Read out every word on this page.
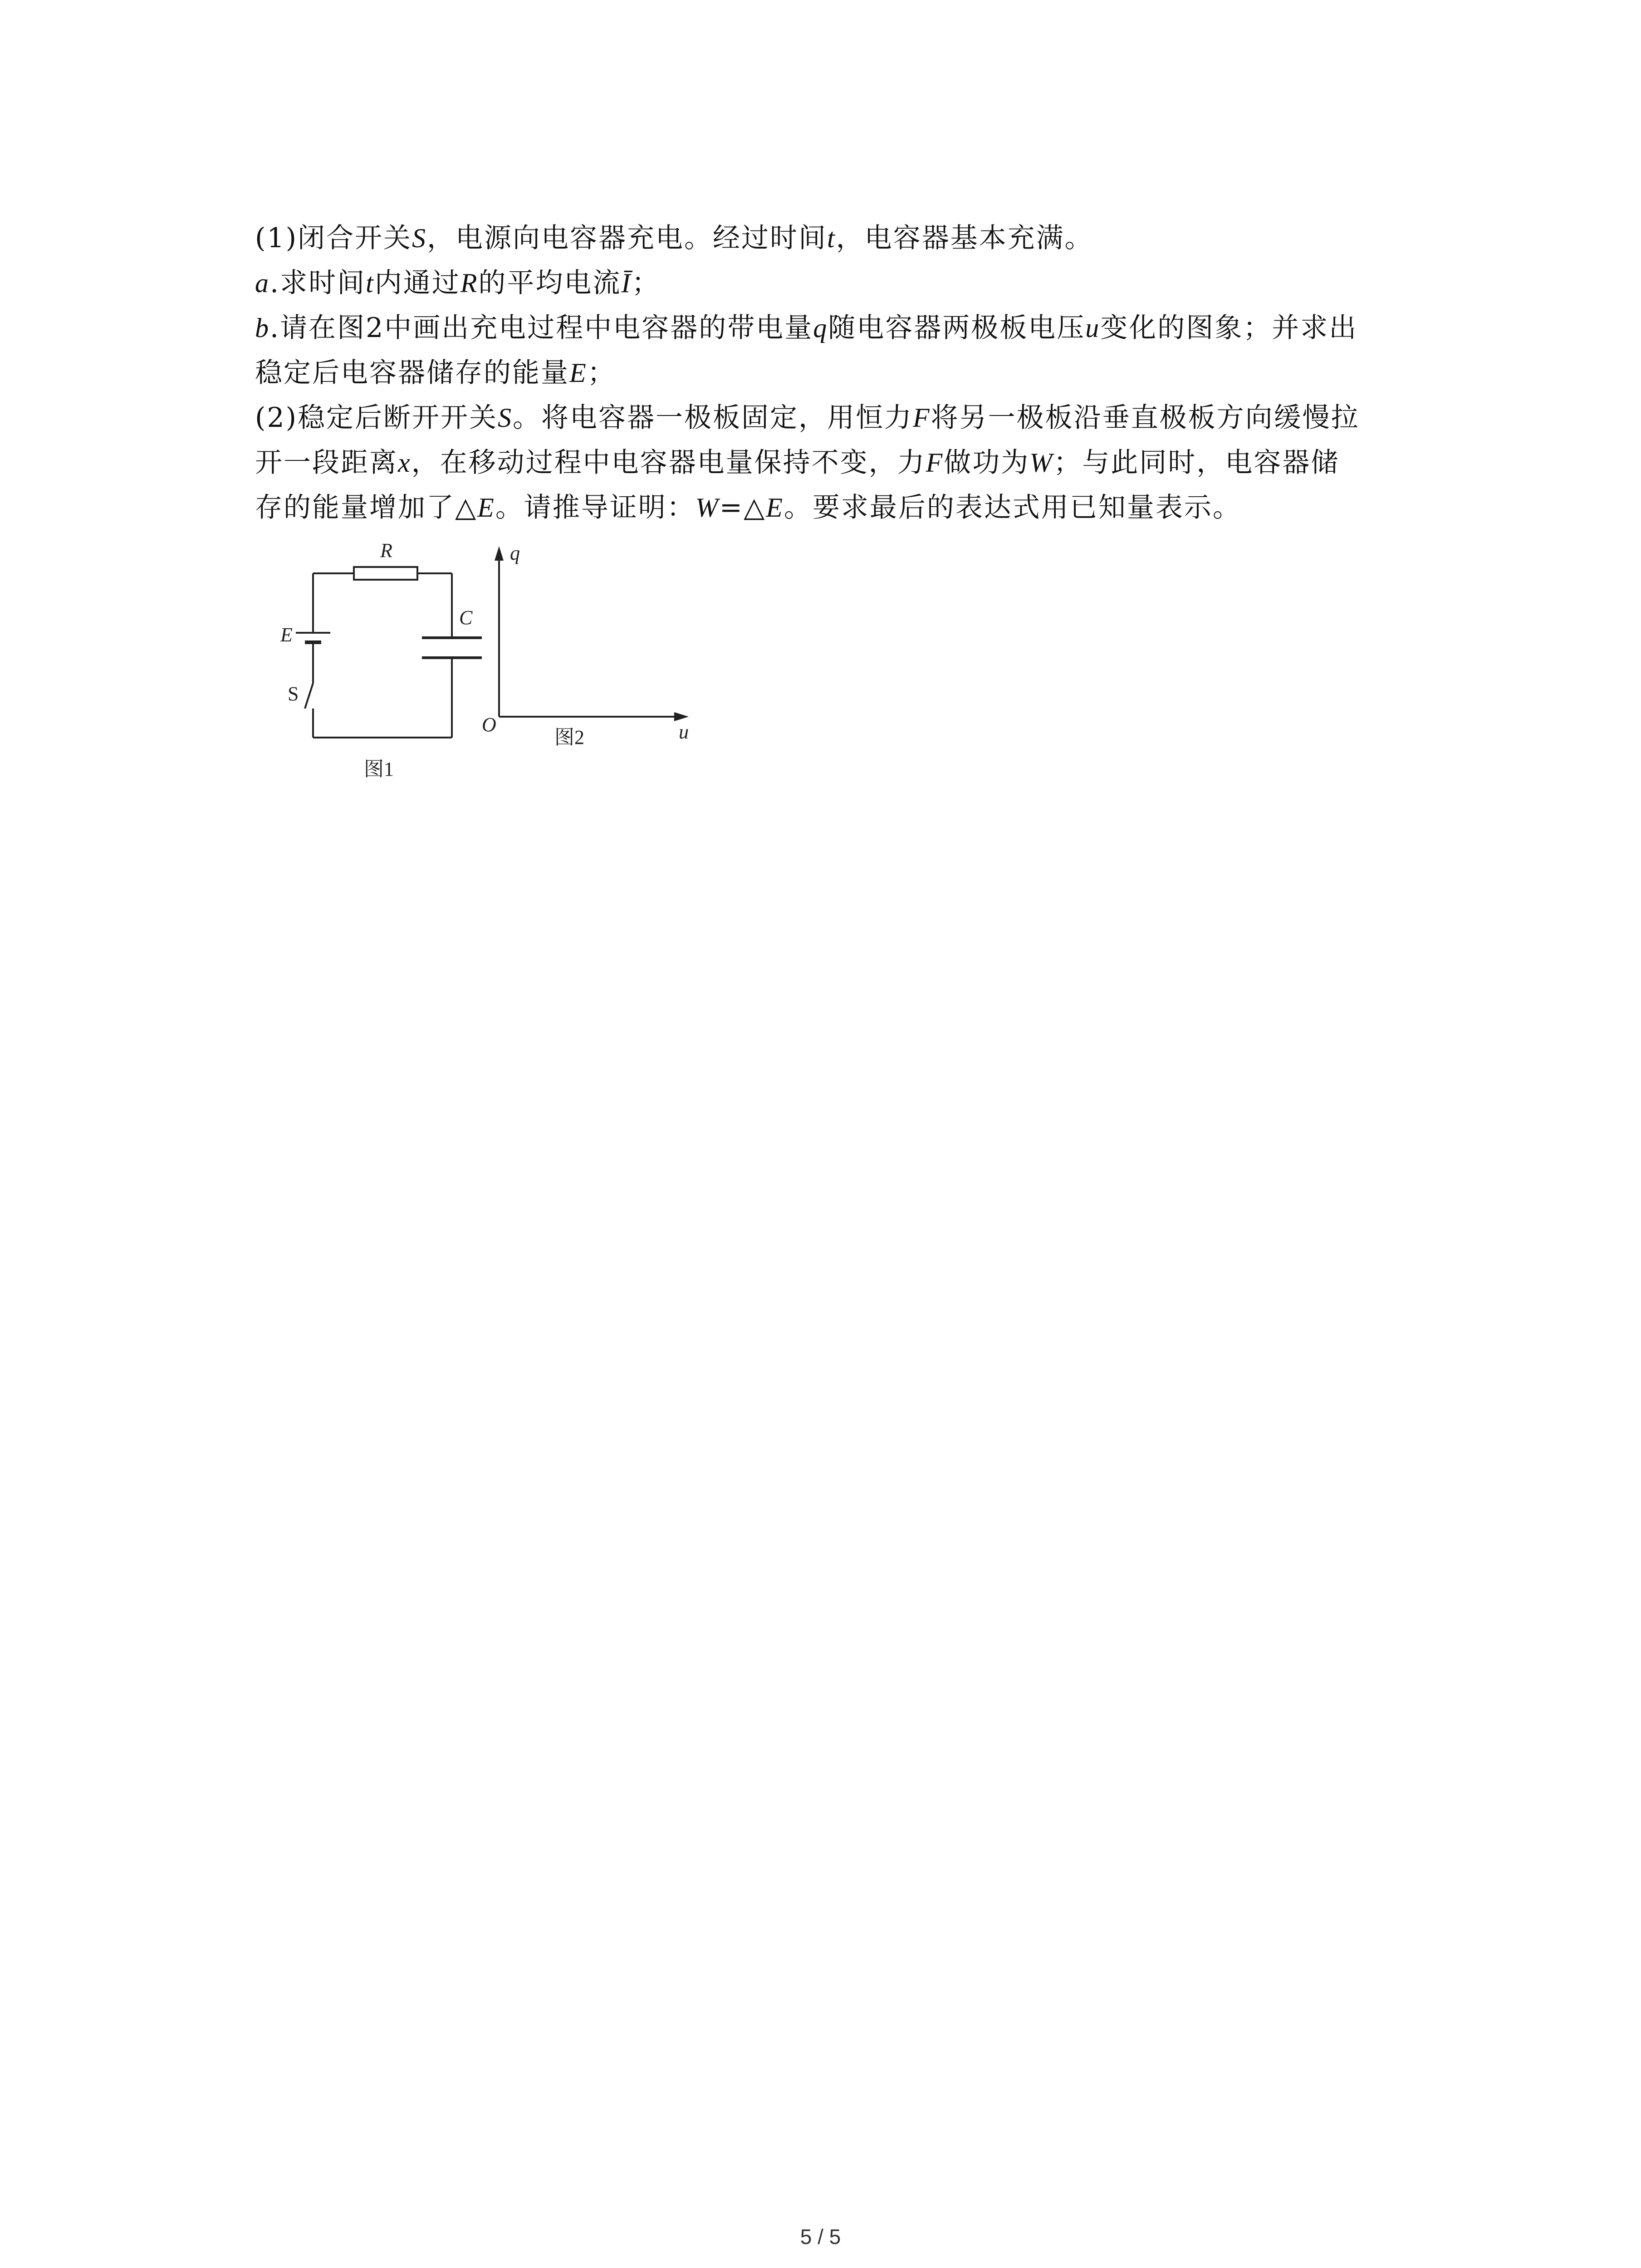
(1)闭合开关S，电源向电容器充电。经过时间t，电容器基本充满。
a.求时间t内通过R的平均电流Ī；
b.请在图2中画出充电过程中电容器的带电量q随电容器两极板电压u变化的图象；并求出
稳定后电容器储存的能量E；
(2)稳定后断开开关S。将电容器一极板固定，用恒力F将另一极板沿垂直极板方向缓慢拉
开一段距离x，在移动过程中电容器电量保持不变，力F做功为W；与此同时，电容器储
存的能量增加了△E。请推导证明：W=△E。要求最后的表达式用已知量表示。
R
E
C
S
图1
q
u
O
图2
5 / 5
